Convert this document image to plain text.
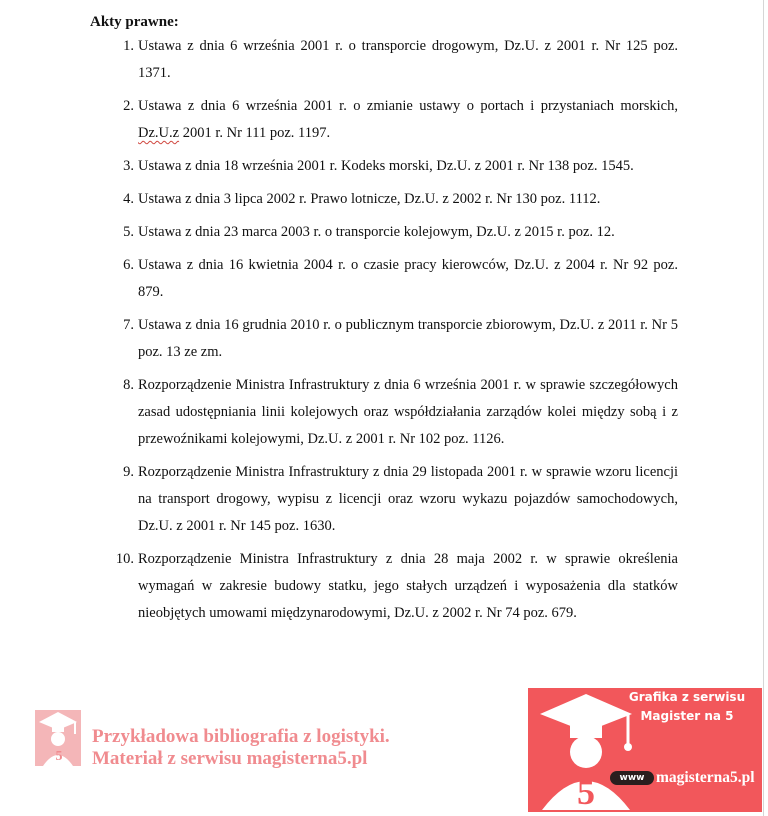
Akty prawne:
1. Ustawa z dnia 6 września 2001 r. o transporcie drogowym, Dz.U. z 2001 r. Nr 125 poz. 1371.
2. Ustawa z dnia 6 września 2001 r. o zmianie ustawy o portach i przystaniach morskich, Dz.U.z 2001 r. Nr 111 poz. 1197.
3. Ustawa z dnia 18 września 2001 r. Kodeks morski, Dz.U. z 2001 r. Nr 138 poz. 1545.
4. Ustawa z dnia 3 lipca 2002 r. Prawo lotnicze, Dz.U. z 2002 r. Nr 130 poz. 1112.
5. Ustawa z dnia 23 marca 2003 r. o transporcie kolejowym, Dz.U. z 2015 r. poz. 12.
6. Ustawa z dnia 16 kwietnia 2004 r. o czasie pracy kierowców, Dz.U. z 2004 r. Nr 92 poz. 879.
7. Ustawa z dnia 16 grudnia 2010 r. o publicznym transporcie zbiorowym, Dz.U. z 2011 r. Nr 5 poz. 13 ze zm.
8. Rozporządzenie Ministra Infrastruktury z dnia 6 września 2001 r. w sprawie szczegółowych zasad udostępniania linii kolejowych oraz współdziałania zarządów kolei między sobą i z przewoźnikami kolejowymi, Dz.U. z 2001 r. Nr 102 poz. 1126.
9. Rozporządzenie Ministra Infrastruktury z dnia 29 listopada 2001 r. w sprawie wzoru licencji na transport drogowy, wypisu z licencji oraz wzoru wykazu pojazdów samochodowych, Dz.U. z 2001 r. Nr 145 poz. 1630.
10. Rozporządzenie Ministra Infrastruktury z dnia 28 maja 2002 r. w sprawie określenia wymagań w zakresie budowy statku, jego stałych urządzeń i wyposażenia dla statków nieobjętych umowami międzynarodowymi, Dz.U. z 2002 r. Nr 74 poz. 679.
5
Przykładowa bibliografia z logistyki.
Materiał z serwisu magisterna5.pl
5
Grafika z serwisu
Magister na 5
www magisterna5.pl
